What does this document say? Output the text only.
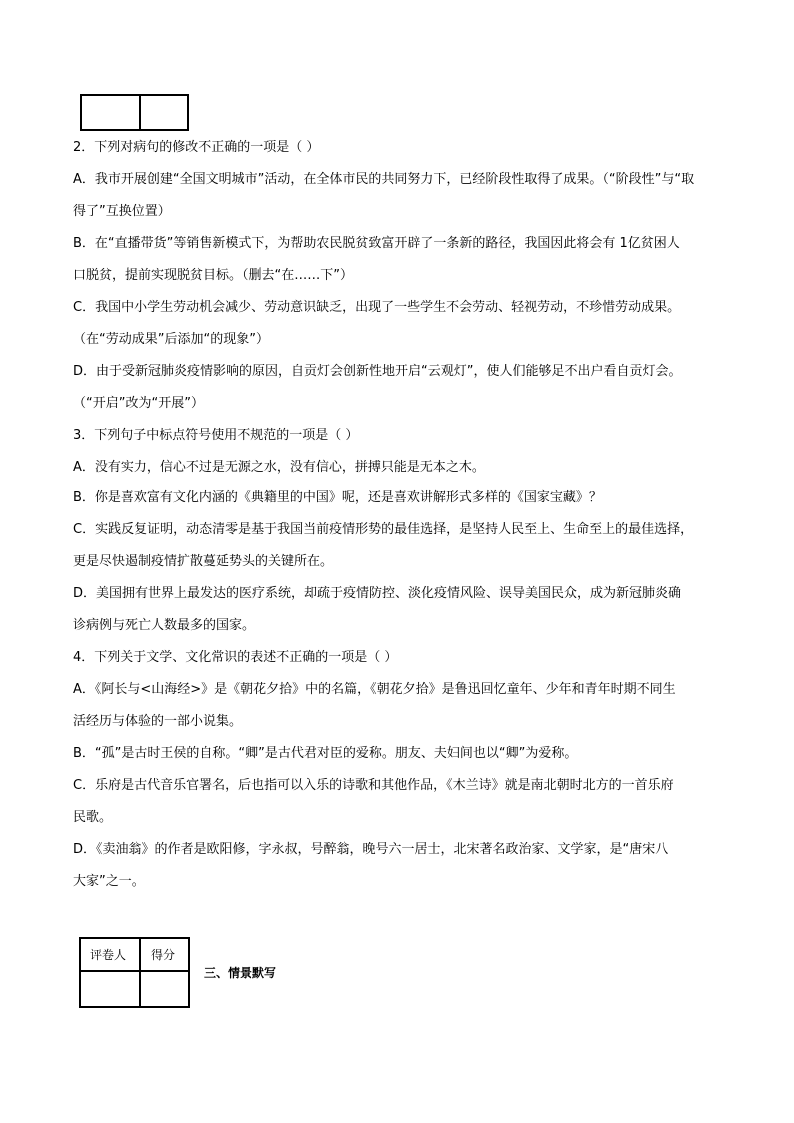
2．下列对病句的修改不正确的一项是（ ）
A．我市开展创建“全国文明城市”活动，在全体市民的共同努力下，已经阶段性取得了成果。（“阶段性”与“取
得了”互换位置）
B．在“直播带货”等销售新模式下，为帮助农民脱贫致富开辟了一条新的路径，我国因此将会有 1亿贫困人
口脱贫，提前实现脱贫目标。（删去“在……下”）
C．我国中小学生劳动机会减少、劳动意识缺乏，出现了一些学生不会劳动、轻视劳动，不珍惜劳动成果。
（在“劳动成果”后添加“的现象”）
D．由于受新冠肺炎疫情影响的原因，自贡灯会创新性地开启“云观灯”，使人们能够足不出户看自贡灯会。
（“开启”改为“开展”）
3．下列句子中标点符号使用不规范的一项是（ ）
A．没有实力，信心不过是无源之水，没有信心，拼搏只能是无本之木。
B．你是喜欢富有文化内涵的《典籍里的中国》呢，还是喜欢讲解形式多样的《国家宝藏》？
C．实践反复证明，动态清零是基于我国当前疫情形势的最佳选择，是坚持人民至上、生命至上的最佳选择，
更是尽快遏制疫情扩散蔓延势头的关键所在。
D．美国拥有世界上最发达的医疗系统，却疏于疫情防控、淡化疫情风险、误导美国民众，成为新冠肺炎确
诊病例与死亡人数最多的国家。
4．下列关于文学、文化常识的表述不正确的一项是（ ）
A．《阿长与<山海经>》是《朝花夕拾》中的名篇，《朝花夕拾》是鲁迅回忆童年、少年和青年时期不同生
活经历与体验的一部小说集。
B．“孤”是古时王侯的自称。“卿”是古代君对臣的爱称。朋友、夫妇间也以“卿”为爱称。
C．乐府是古代音乐官署名，后也指可以入乐的诗歌和其他作品，《木兰诗》就是南北朝时北方的一首乐府
民歌。
D．《卖油翁》的作者是欧阳修，字永叔，号醉翁，晚号六一居士，北宋著名政治家、文学家，是“唐宋八
大家”之一。
评卷人 得分
三、情景默写
